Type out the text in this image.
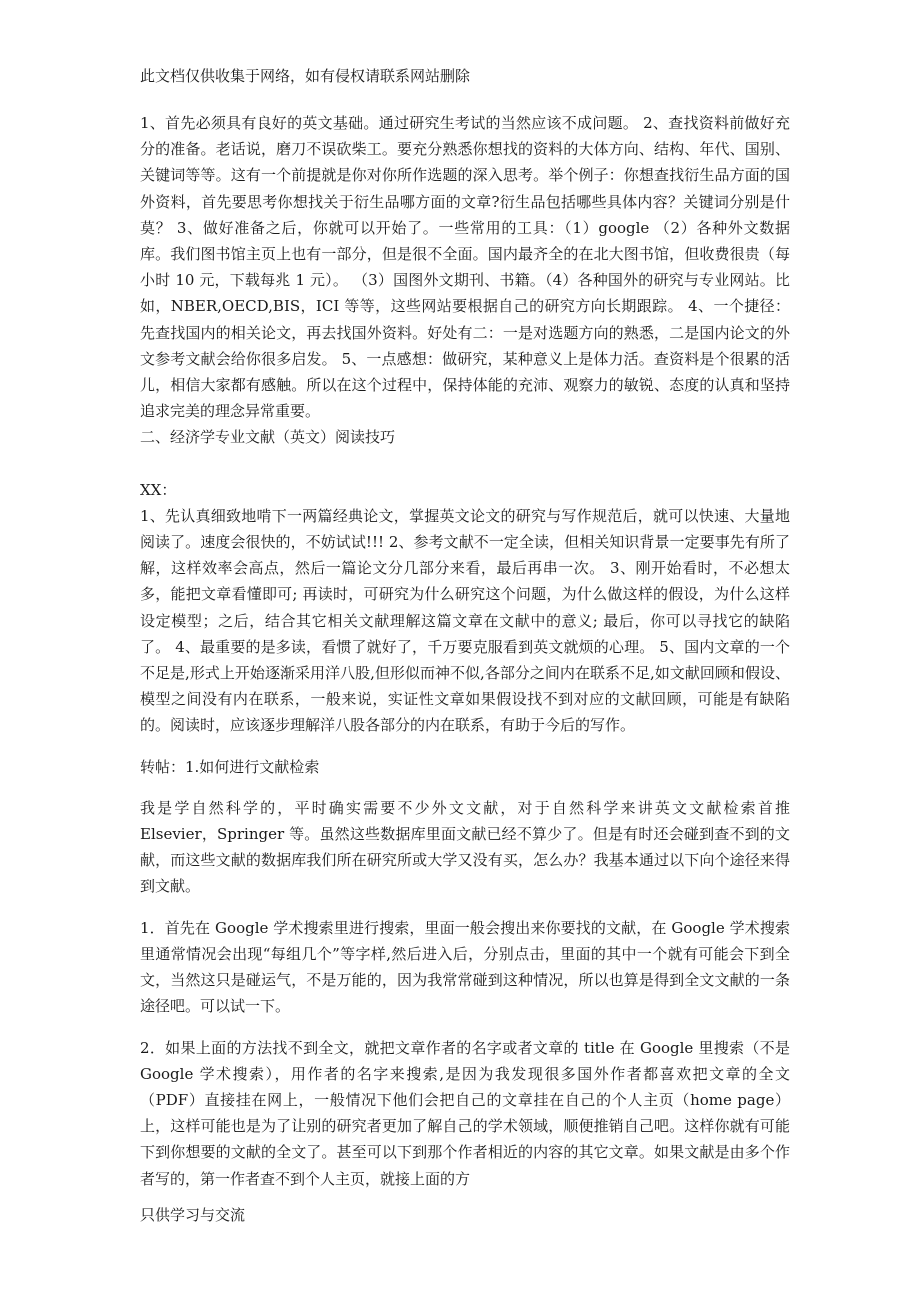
此文档仅供收集于网络，如有侵权请联系网站删除

1、首先必须具有良好的英文基础。通过研究生考试的当然应该不成问题。 2、查找资料前做好充分的准备。老话说，磨刀不误砍柴工。要充分熟悉你想找的资料的大体方向、结构、年代、国别、关键词等等。这有一个前提就是你对你所作选题的深入思考。举个例子：你想查找衍生品方面的国外资料，首先要思考你想找关于衍生品哪方面的文章?衍生品包括哪些具体内容？关键词分别是什莫？ 3、做好准备之后，你就可以开始了。一些常用的工具：（1）google （2）各种外文数据库。我们图书馆主页上也有一部分，但是很不全面。国内最齐全的在北大图书馆，但收费很贵（每小时 10 元，下载每兆 1 元）。 （3）国图外文期刊、书籍。（4）各种国外的研究与专业网站。比如，NBER,OECD,BIS，ICI 等等，这些网站要根据自己的研究方向长期跟踪。 4、一个捷径：先查找国内的相关论文，再去找国外资料。好处有二：一是对选题方向的熟悉，二是国内论文的外文参考文献会给你很多启发。 5、一点感想：做研究，某种意义上是体力活。查资料是个很累的活儿，相信大家都有感触。所以在这个过程中，保持体能的充沛、观察力的敏锐、态度的认真和坚持追求完美的理念异常重要。

二、经济学专业文献（英文）阅读技巧

XX：

1、先认真细致地啃下一两篇经典论文，掌握英文论文的研究与写作规范后，就可以快速、大量地阅读了。速度会很快的，不妨试试!!! 2、参考文献不一定全读，但相关知识背景一定要事先有所了解，这样效率会高点，然后一篇论文分几部分来看，最后再串一次。 3、刚开始看时，不必想太多，能把文章看懂即可; 再读时，可研究为什么研究这个问题，为什么做这样的假设，为什么这样设定模型；之后，结合其它相关文献理解这篇文章在文献中的意义; 最后，你可以寻找它的缺陷了。 4、最重要的是多读，看惯了就好了，千万要克服看到英文就烦的心理。 5、国内文章的一个不足是,形式上开始逐渐采用洋八股,但形似而神不似,各部分之间内在联系不足,如文献回顾和假设、模型之间没有内在联系，一般来说，实证性文章如果假设找不到对应的文献回顾，可能是有缺陷的。阅读时，应该逐步理解洋八股各部分的内在联系，有助于今后的写作。

转帖：1.如何进行文献检索

我是学自然科学的，平时确实需要不少外文文献，对于自然科学来讲英文文献检索首推 Elsevier，Springer 等。虽然这些数据库里面文献已经不算少了。但是有时还会碰到查不到的文献，而这些文献的数据库我们所在研究所或大学又没有买，怎么办？我基本通过以下向个途径来得到文献。

1．首先在 Google 学术搜索里进行搜索，里面一般会搜出来你要找的文献，在 Google 学术搜索里通常情况会出现“每组几个”等字样,然后进入后，分别点击，里面的其中一个就有可能会下到全文，当然这只是碰运气，不是万能的，因为我常常碰到这种情况，所以也算是得到全文文献的一条途径吧。可以试一下。

2．如果上面的方法找不到全文，就把文章作者的名字或者文章的 title 在 Google 里搜索（不是 Google 学术搜索），用作者的名字来搜索,是因为我发现很多国外作者都喜欢把文章的全文（PDF）直接挂在网上，一般情况下他们会把自己的文章挂在自己的个人主页（home page）上，这样可能也是为了让别的研究者更加了解自己的学术领域，顺便推销自己吧。这样你就有可能下到你想要的文献的全文了。甚至可以下到那个作者相近的内容的其它文章。如果文献是由多个作者写的，第一作者查不到个人主页，就接上面的方

只供学习与交流
